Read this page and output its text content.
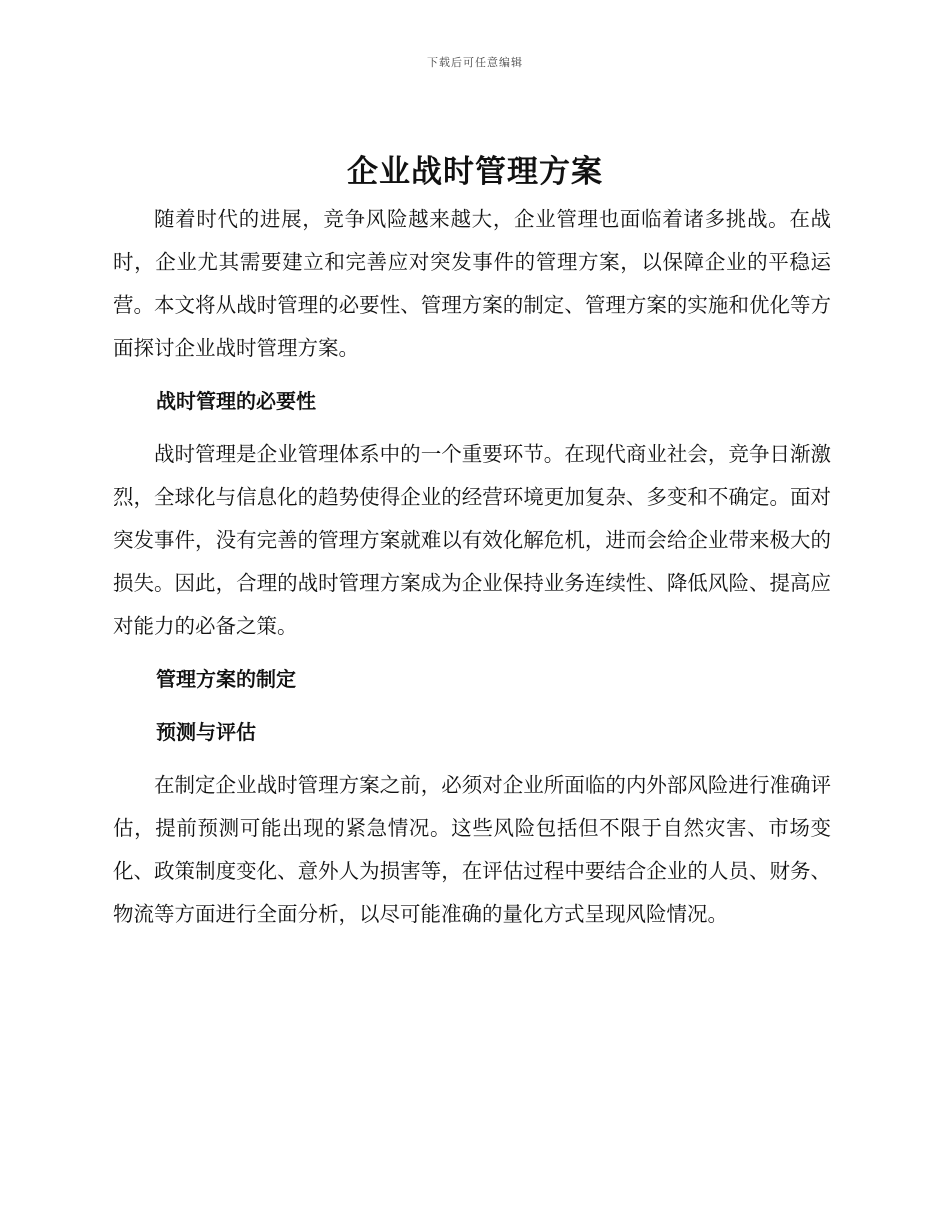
下载后可任意编辑
企业战时管理方案

随着时代的进展，竞争风险越来越大，企业管理也面临着诸多挑战。在战时，企业尤其需要建立和完善应对突发事件的管理方案，以保障企业的平稳运营。本文将从战时管理的必要性、管理方案的制定、管理方案的实施和优化等方面探讨企业战时管理方案。

战时管理的必要性

战时管理是企业管理体系中的一个重要环节。在现代商业社会，竞争日渐激烈，全球化与信息化的趋势使得企业的经营环境更加复杂、多变和不确定。面对突发事件，没有完善的管理方案就难以有效化解危机，进而会给企业带来极大的损失。因此，合理的战时管理方案成为企业保持业务连续性、降低风险、提高应对能力的必备之策。

管理方案的制定

预测与评估

在制定企业战时管理方案之前，必须对企业所面临的内外部风险进行准确评估，提前预测可能出现的紧急情况。这些风险包括但不限于自然灾害、市场变化、政策制度变化、意外人为损害等，在评估过程中要结合企业的人员、财务、物流等方面进行全面分析，以尽可能准确的量化方式呈现风险情况。
